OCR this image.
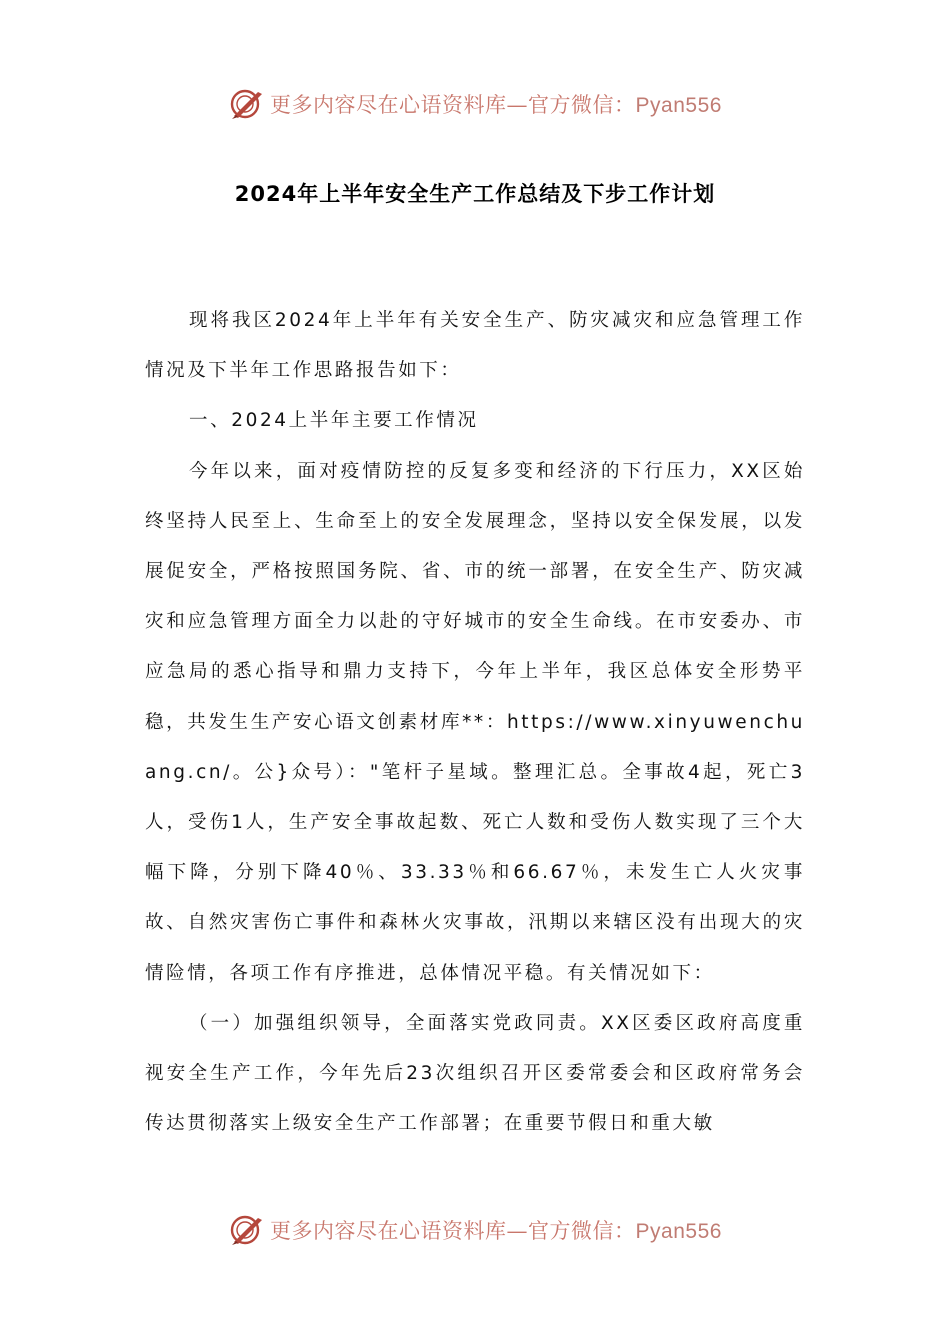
更多内容尽在心语资料库—官方微信：Pyan556
2024年上半年安全生产工作总结及下步工作计划

现将我区2024年上半年有关安全生产、防灾减灾和应急管理工作情况及下半年工作思路报告如下：

一、2024上半年主要工作情况

今年以来，面对疫情防控的反复多变和经济的下行压力，XX区始终坚持人民至上、生命至上的安全发展理念，坚持以安全保发展，以发展促安全，严格按照国务院、省、市的统一部署，在安全生产、防灾减灾和应急管理方面全力以赴的守好城市的安全生命线。在市安委办、市应急局的悉心指导和鼎力支持下，今年上半年，我区总体安全形势平稳，共发生生产安心语文创素材库**：https://www.xinyuwenchuang.cn/。公}众号）："笔杆子星域。整理汇总。全事故4起，死亡3人，受伤1人，生产安全事故起数、死亡人数和受伤人数实现了三个大幅下降，分别下降40％、33.33％和66.67％，未发生亡人火灾事故、自然灾害伤亡事件和森林火灾事故，汛期以来辖区没有出现大的灾情险情，各项工作有序推进，总体情况平稳。有关情况如下：

（一）加强组织领导，全面落实党政同责。XX区委区政府高度重视安全生产工作，今年先后23次组织召开区委常委会和区政府常务会传达贯彻落实上级安全生产工作部署；在重要节假日和重大敏

更多内容尽在心语资料库—官方微信：Pyan556
